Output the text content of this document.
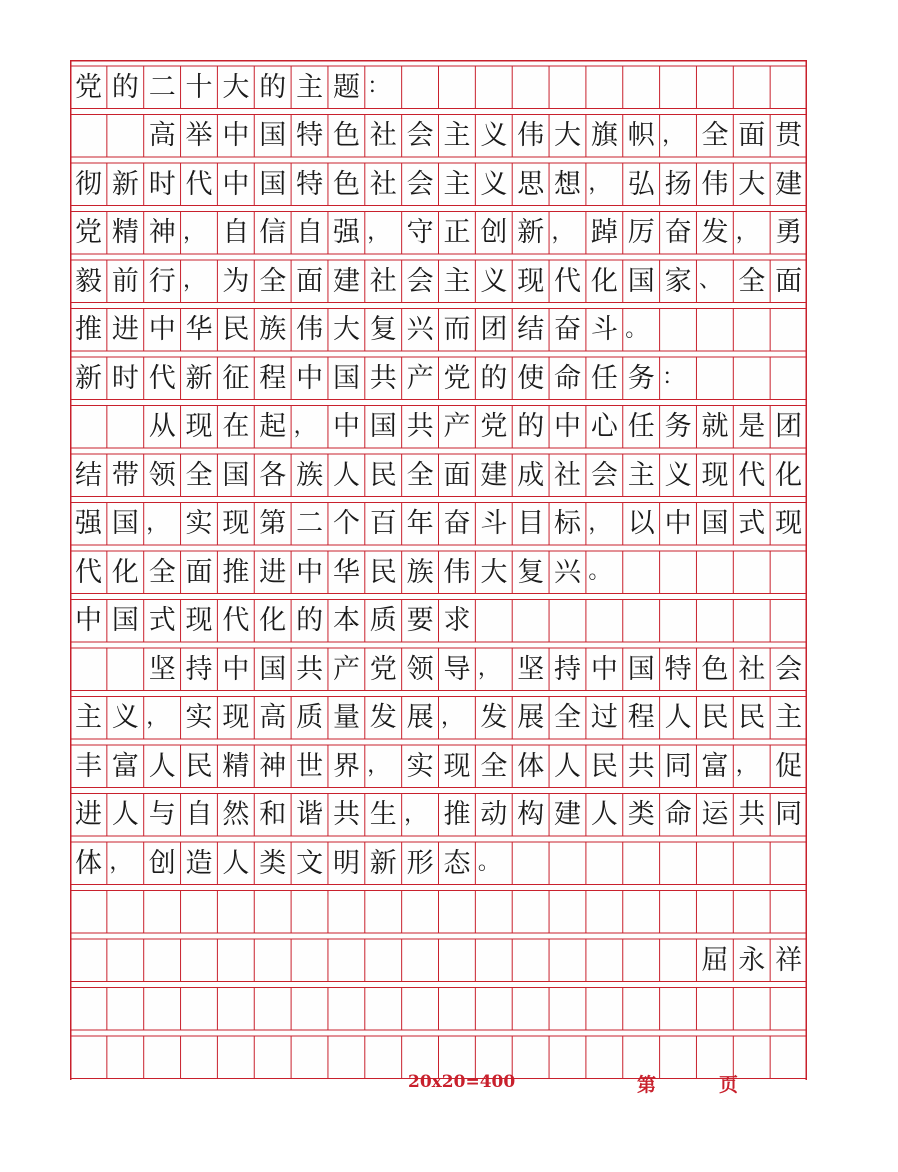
党 的 二 十 大 的 主 题 ：
高 举 中 国 特 色 社 会 主 义 伟 大 旗 帜 ， 全 面 贯
彻 新 时 代 中 国 特 色 社 会 主 义 思 想 ， 弘 扬 伟 大 建
党 精 神 ， 自 信 自 强 ， 守 正 创 新 ， 踔 厉 奋 发 ， 勇
毅 前 行 ， 为 全 面 建 社 会 主 义 现 代 化 国 家 、 全 面
推 进 中 华 民 族 伟 大 复 兴 而 团 结 奋 斗 。
新 时 代 新 征 程 中 国 共 产 党 的 使 命 任 务 ：
从 现 在 起 ， 中 国 共 产 党 的 中 心 任 务 就 是 团
结 带 领 全 国 各 族 人 民 全 面 建 成 社 会 主 义 现 代 化
强 国 ， 实 现 第 二 个 百 年 奋 斗 目 标 ， 以 中 国 式 现
代 化 全 面 推 进 中 华 民 族 伟 大 复 兴 。
中 国 式 现 代 化 的 本 质 要 求
坚 持 中 国 共 产 党 领 导 ， 坚 持 中 国 特 色 社 会
主 义 ， 实 现 高 质 量 发 展 ， 发 展 全 过 程 人 民 民 主
丰 富 人 民 精 神 世 界 ， 实 现 全 体 人 民 共 同 富 ， 促
进 人 与 自 然 和 谐 共 生 ， 推 动 构 建 人 类 命 运 共 同
体 ， 创 造 人 类 文 明 新 形 态 。
屈 永 祥
20x20=400	第	页
